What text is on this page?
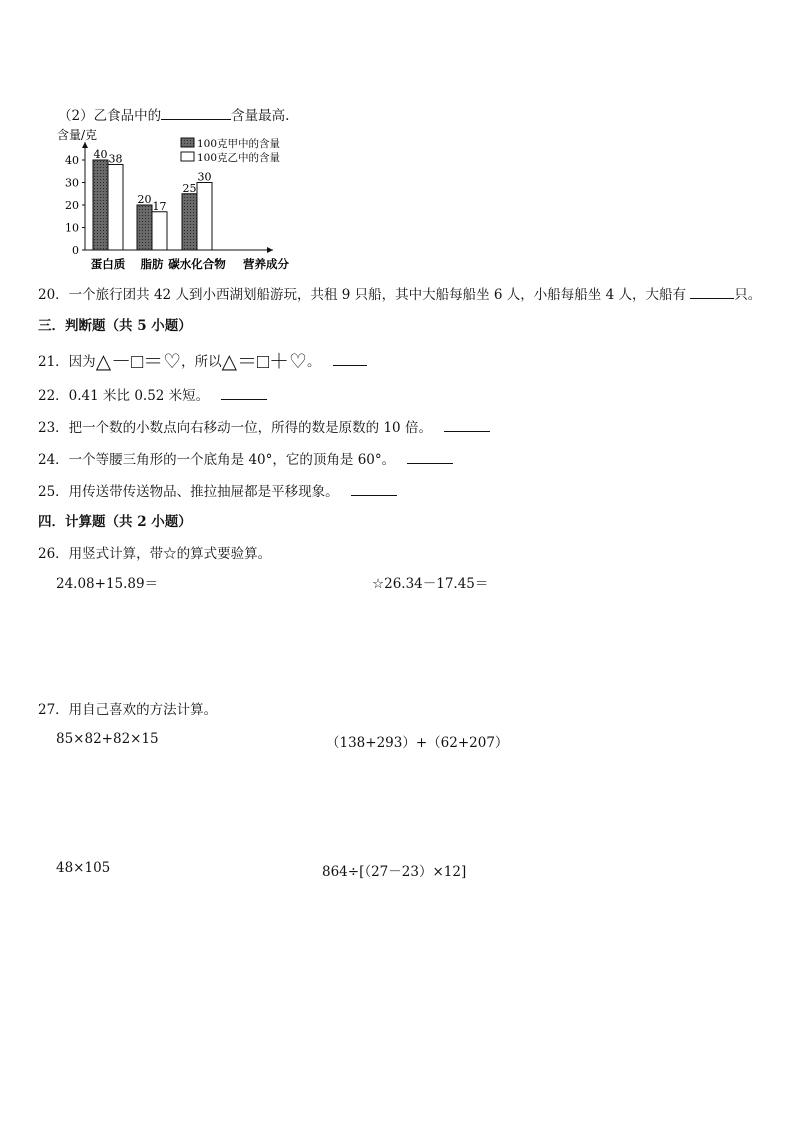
（2）乙食品中的	含量最高.
含量/克
0
10
20
30
40 40 38
蛋白质
20
17
脂肪
25
30
碳水化合物 营养成分
100克甲中的含量
100克乙中的含量
20．一个旅行团共 42 人到小西湖划船游玩，共租 9 只船，其中大船每船坐 6 人，小船每船坐 4 人，大船有	只。
三．判断题（共 5 小题）
21．因为△－□＝♡，所以△＝□＋♡。
22．0.41 米比 0.52 米短。
23．把一个数的小数点向右移动一位，所得的数是原数的 10 倍。
24．一个等腰三角形的一个底角是 40°，它的顶角是 60°。
25．用传送带传送物品、推拉抽屉都是平移现象。
四．计算题（共 2 小题）
26．用竖式计算，带☆的算式要验算。
24.08+15.89＝	☆26.34－17.45＝
27．用自己喜欢的方法计算。
85×82+82×15	（138+293）+（62+207）
48×105	864÷[（27－23）×12]
